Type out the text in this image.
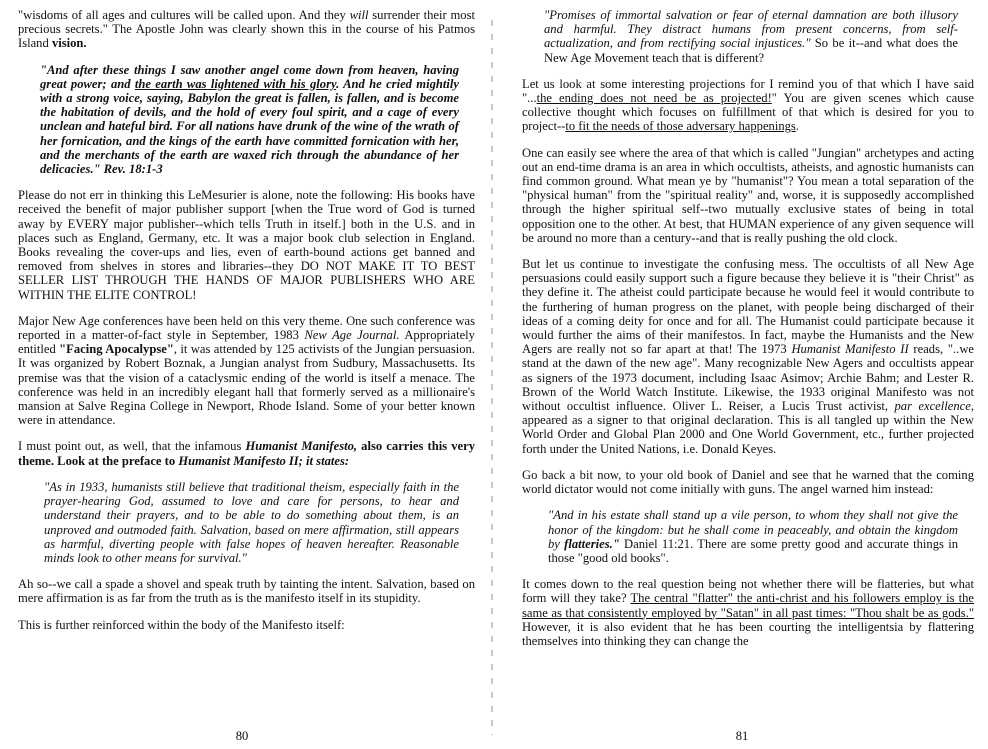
"wisdoms of all ages and cultures will be called upon. And they will surrender their most precious secrets." The Apostle John was clearly shown this in the course of his Patmos Island vision.

"And after these things I saw another angel come down from heaven, having great power; and the earth was lightened with his glory. And he cried mightily with a strong voice, saying, Babylon the great is fallen, is fallen, and is become the habitation of devils, and the hold of every foul spirit, and a cage of every unclean and hateful bird. For all nations have drunk of the wine of the wrath of her fornication, and the kings of the earth have committed fornication with her, and the merchants of the earth are waxed rich through the abundance of her delicacies." Rev. 18:1-3

Please do not err in thinking this LeMesurier is alone, note the following: His books have received the benefit of major publisher support [when the True word of God is turned away by EVERY major publisher--which tells Truth in itself.] both in the U.S. and in places such as England, Germany, etc. It was a major book club selection in England. Books revealing the cover-ups and lies, even of earth-bound actions get banned and removed from shelves in stores and libraries--they DO NOT MAKE IT TO BEST SELLER LIST THROUGH THE HANDS OF MAJOR PUBLISHERS WHO ARE WITHIN THE ELITE CONTROL!

Major New Age conferences have been held on this very theme. One such conference was reported in a matter-of-fact style in September, 1983 New Age Journal. Appropriately entitled "Facing Apocalypse", it was attended by 125 activists of the Jungian persuasion. It was organized by Robert Boznak, a Jungian analyst from Sudbury, Massachusetts. Its premise was that the vision of a cataclysmic ending of the world is itself a menace. The conference was held in an incredibly elegant hall that formerly served as a millionaire's mansion at Salve Regina College in Newport, Rhode Island. Some of your better known were in attendance.

I must point out, as well, that the infamous Humanist Manifesto, also carries this very theme. Look at the preface to Humanist Manifesto II; it states:

"As in 1933, humanists still believe that traditional theism, especially faith in the prayer-hearing God, assumed to love and care for persons, to hear and understand their prayers, and to be able to do something about them, is an unproved and outmoded faith. Salvation, based on mere affirmation, still appears as harmful, diverting people with false hopes of heaven hereafter. Reasonable minds look to other means for survival."

Ah so--we call a spade a shovel and speak truth by tainting the intent. Salvation, based on mere affirmation is as far from the truth as is the manifesto itself in its stupidity.

This is further reinforced within the body of the Manifesto itself:

80

"Promises of immortal salvation or fear of eternal damnation are both illusory and harmful. They distract humans from present concerns, from self-actualization, and from rectifying social injustices." So be it--and what does the New Age Movement teach that is different?

Let us look at some interesting projections for I remind you of that which I have said "...the ending does not need be as projected!" You are given scenes which cause collective thought which focuses on fulfillment of that which is desired for you to project--to fit the needs of those adversary happenings.

One can easily see where the area of that which is called "Jungian" archetypes and acting out an end-time drama is an area in which occultists, atheists, and agnostic humanists can find common ground. What mean ye by "humanist"? You mean a total separation of the "physical human" from the "spiritual reality" and, worse, it is supposedly accomplished through the higher spiritual self--two mutually exclusive states of being in total opposition one to the other. At best, that HUMAN experience of any given sequence will be around no more than a century--and that is really pushing the old clock.

But let us continue to investigate the confusing mess. The occultists of all New Age persuasions could easily support such a figure because they believe it is "their Christ" as they define it. The atheist could participate because he would feel it would contribute to the furthering of human progress on the planet, with people being discharged of their ideas of a coming deity for once and for all. The Humanist could participate because it would further the aims of their manifestos. In fact, maybe the Humanists and the New Agers are really not so far apart at that! The 1973 Humanist Manifesto II reads, "..we stand at the dawn of the new age". Many recognizable New Agers and occultists appear as signers of the 1973 document, including Isaac Asimov; Archie Bahm; and Lester R. Brown of the World Watch Institute. Likewise, the 1933 original Manifesto was not without occultist influence. Oliver L. Reiser, a Lucis Trust activist, par excellence, appeared as a signer to that original declaration. This is all tangled up within the New World Order and Global Plan 2000 and One World Government, etc., further projected forth under the United Nations, i.e. Donald Keyes.

Go back a bit now, to your old book of Daniel and see that he warned that the coming world dictator would not come initially with guns. The angel warned him instead:

"And in his estate shall stand up a vile person, to whom they shall not give the honor of the kingdom: but he shall come in peaceably, and obtain the kingdom by flatteries." Daniel 11:21. There are some pretty good and accurate things in those "good old books".

It comes down to the real question being not whether there will be flatteries, but what form will they take? The central "flatter" the anti-christ and his followers employ is the same as that consistently employed by "Satan" in all past times: "Thou shalt be as gods." However, it is also evident that he has been courting the intelligentsia by flattering themselves into thinking they can change the

81
